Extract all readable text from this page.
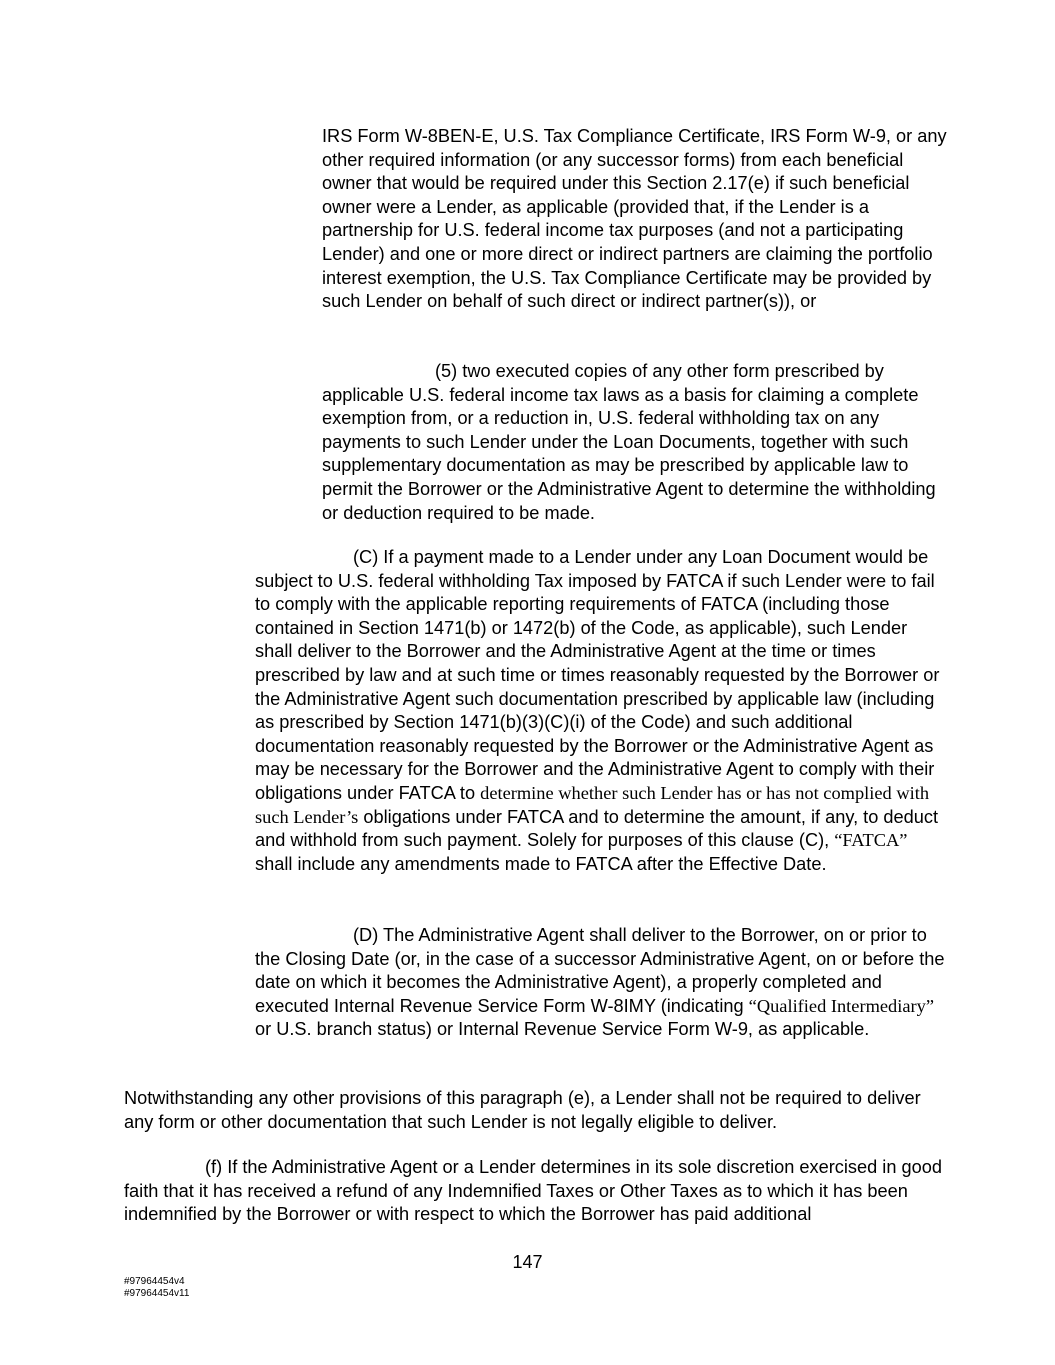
IRS Form W-8BEN-E, U.S. Tax Compliance Certificate, IRS Form W-9, or any other required information (or any successor forms) from each beneficial owner that would be required under this Section 2.17(e) if such beneficial owner were a Lender, as applicable (provided that, if the Lender is a partnership for U.S. federal income tax purposes (and not a participating Lender) and one or more direct or indirect partners are claiming the portfolio interest exemption, the U.S. Tax Compliance Certificate may be provided by such Lender on behalf of such direct or indirect partner(s)), or

(5) two executed copies of any other form prescribed by applicable U.S. federal income tax laws as a basis for claiming a complete exemption from, or a reduction in, U.S. federal withholding tax on any payments to such Lender under the Loan Documents, together with such supplementary documentation as may be prescribed by applicable law to permit the Borrower or the Administrative Agent to determine the withholding or deduction required to be made.

(C) If a payment made to a Lender under any Loan Document would be subject to U.S. federal withholding Tax imposed by FATCA if such Lender were to fail to comply with the applicable reporting requirements of FATCA (including those contained in Section 1471(b) or 1472(b) of the Code, as applicable), such Lender shall deliver to the Borrower and the Administrative Agent at the time or times prescribed by law and at such time or times reasonably requested by the Borrower or the Administrative Agent such documentation prescribed by applicable law (including as prescribed by Section 1471(b)(3)(C)(i) of the Code) and such additional documentation reasonably requested by the Borrower or the Administrative Agent as may be necessary for the Borrower and the Administrative Agent to comply with their obligations under FATCA to determine whether such Lender has or has not complied with such Lender’s obligations under FATCA and to determine the amount, if any, to deduct and withhold from such payment. Solely for purposes of this clause (C), “FATCA” shall include any amendments made to FATCA after the Effective Date.

(D) The Administrative Agent shall deliver to the Borrower, on or prior to the Closing Date (or, in the case of a successor Administrative Agent, on or before the date on which it becomes the Administrative Agent), a properly completed and executed Internal Revenue Service Form W-8IMY (indicating “Qualified Intermediary” or U.S. branch status) or Internal Revenue Service Form W-9, as applicable.

Notwithstanding any other provisions of this paragraph (e), a Lender shall not be required to deliver any form or other documentation that such Lender is not legally eligible to deliver.

(f) If the Administrative Agent or a Lender determines in its sole discretion exercised in good faith that it has received a refund of any Indemnified Taxes or Other Taxes as to which it has been indemnified by the Borrower or with respect to which the Borrower has paid additional

147
#97964454v4
#97964454v11
